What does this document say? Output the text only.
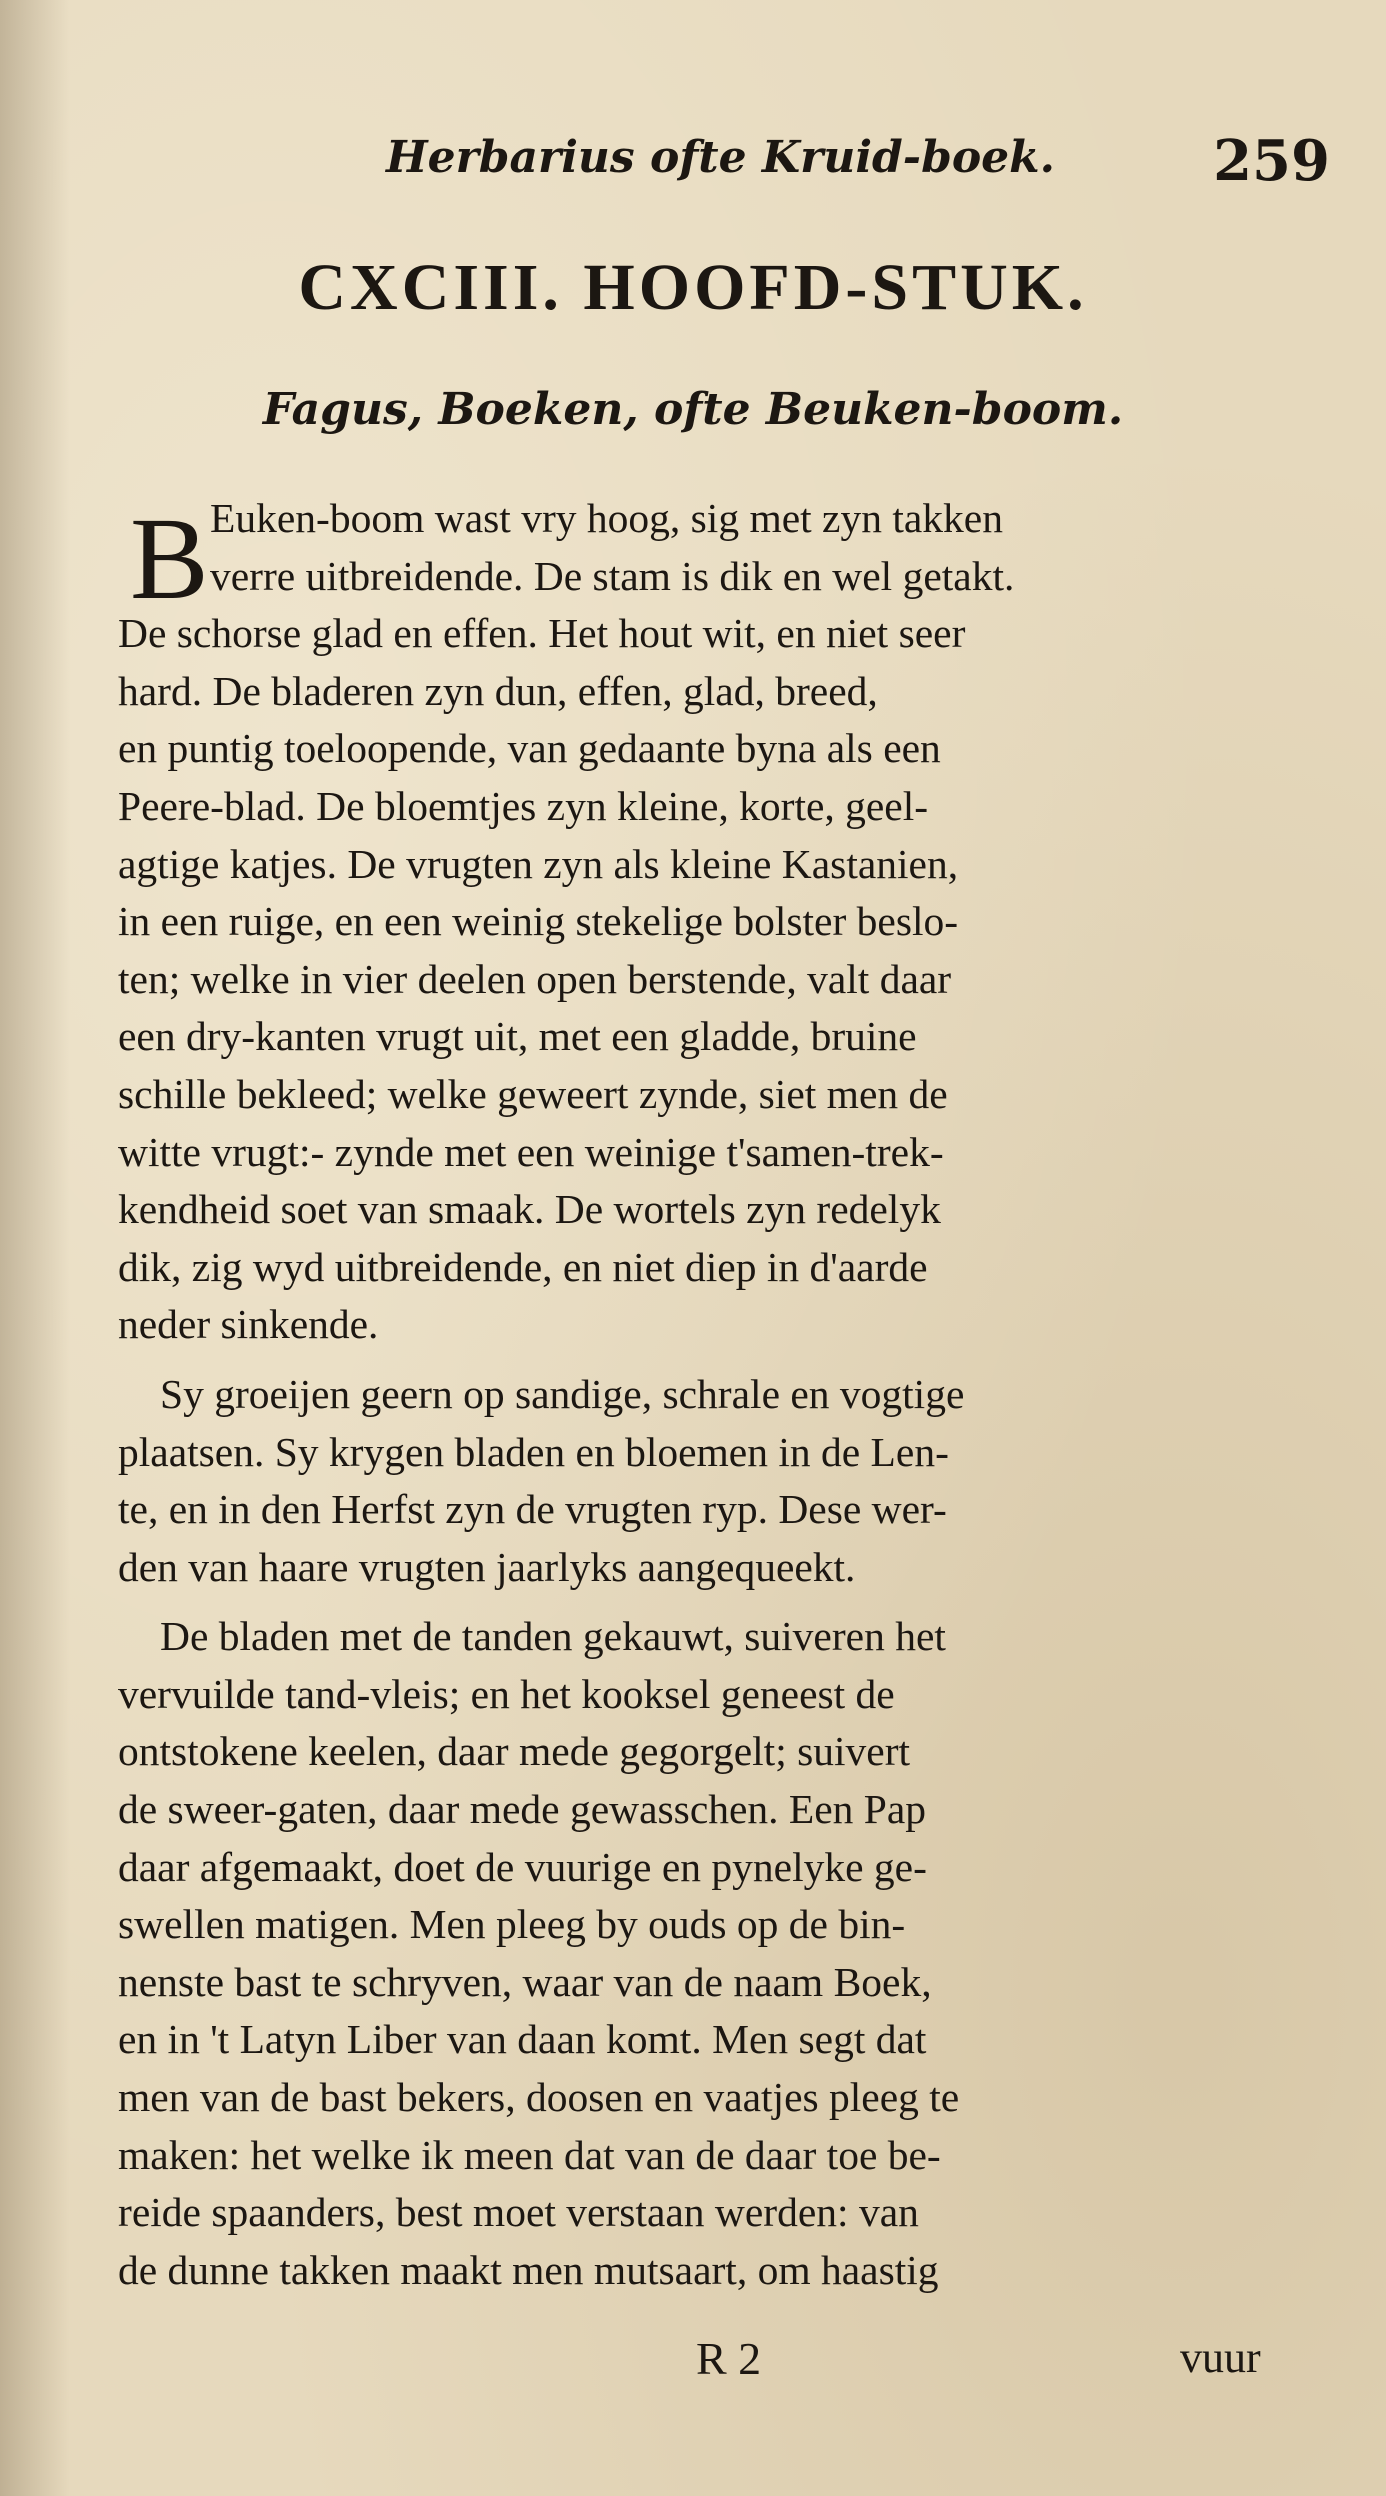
Herbarius ofte Kruid-boek.	259
CXCIII. HOOFD-STUK.
Fagus, Boeken, ofte Beuken-boom.
B Euken-boom wast vry hoog, sig met zyn takken
verre uitbreidende. De stam is dik en wel getakt.
De schorse glad en effen. Het hout wit, en niet seer
hard. De bladeren zyn dun, effen, glad, breed,
en puntig toeloopende, van gedaante byna als een
Peere-blad. De bloemtjes zyn kleine, korte, geel-
agtige katjes. De vrugten zyn als kleine Kastanien,
in een ruige, en een weinig stekelige bolster beslo-
ten; welke in vier deelen open berstende, valt daar
een dry-kanten vrugt uit, met een gladde, bruine
schille bekleed; welke geweert zynde, siet men de
witte vrugt:- zynde met een weinige t'samen-trek-
kendheid soet van smaak. De wortels zyn redelyk
dik, zig wyd uitbreidende, en niet diep in d'aarde
neder sinkende.
Sy groeijen geern op sandige, schrale en vogtige
plaatsen. Sy krygen bladen en bloemen in de Len-
te, en in den Herfst zyn de vrugten ryp. Dese wer-
den van haare vrugten jaarlyks aangequeekt.
De bladen met de tanden gekauwt, suiveren het
vervuilde tand-vleis; en het kooksel geneest de
ontstokene keelen, daar mede gegorgelt; suivert
de sweer-gaten, daar mede gewasschen. Een Pap
daar afgemaakt, doet de vuurige en pynelyke ge-
swellen matigen. Men pleeg by ouds op de bin-
nenste bast te schryven, waar van de naam Boek,
en in 't Latyn Liber van daan komt. Men segt dat
men van de bast bekers, doosen en vaatjes pleeg te
maken: het welke ik meen dat van de daar toe be-
reide spaanders, best moet verstaan werden: van
de dunne takken maakt men mutsaart, om haastig
R 2	vuur
